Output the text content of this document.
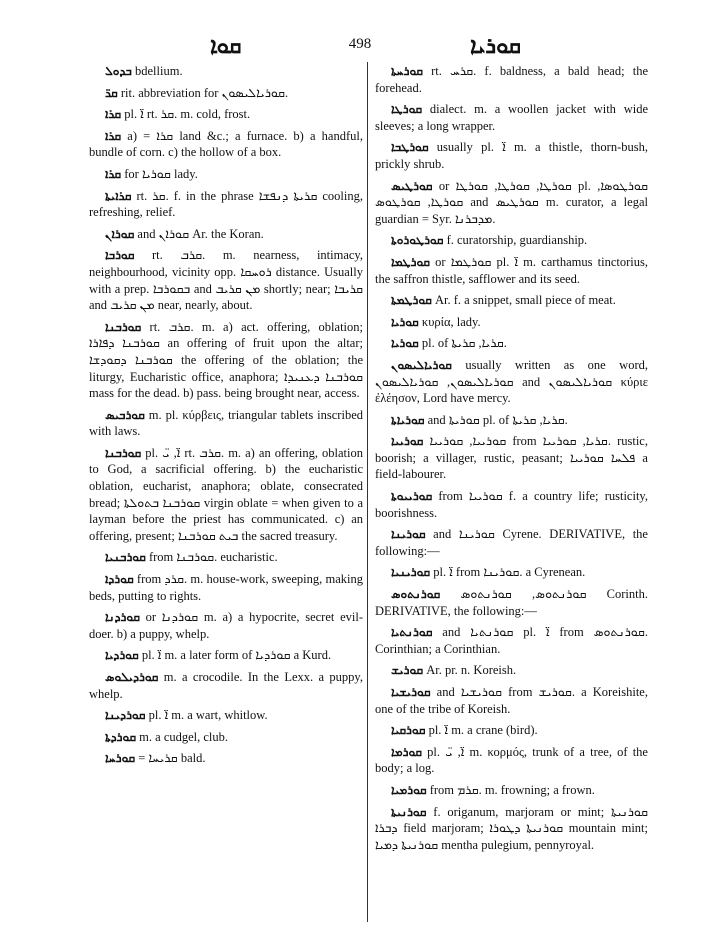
ܩܘܐ	498	ܩܘܪܝܐ

ܒܕܘܠ bdellium.

ܩܪ̈ rit. abbreviation for ܩܘܪܝܐܠܝܣܘܢ.

ܩܪܐ pl. ܐ̈ rt. ܩܪ. m. cold, frost.

ܩܪܐ a) = ܩܪܐ land &c.; a furnace. b) a handful, bundle of corn. c) the hollow of a box.

ܩܪܐ for ܩܘܪܝܐ lady.

ܩܪܐܝܬܐ rt. ܩܪ. f. in the phrase ܩܪܝܬܐ ܕܢܦܫܐ cooling, refreshing, relief.

ܩܘܪܐܢ and ܩܘܪܐܢ Ar. the Koran.

ܩܘܪܒܐ rt. ܩܪܒ. m. nearness, intimacy, neighbourhood, vicinity opp. ܪܘܚܩܐ distance. Usually with a prep. ܒܩܘܪܒܐ and ܡܢ ܩܪܝܒ shortly; near; ܩܪܝܒܐ and ܡܢ ܩܪܝܒ near, nearly, about.

ܩܘܪܒܢܐ rt. ܩܪܒ. m. a) act. offering, oblation; ܩܘܪܒܢܐ ܕܦܐܪܐ an offering of fruit upon the altar; ܩܘܪܒܢܐ ܕܩܘܕܫܐ the offering of the oblation; the liturgy, Eucharistic office, anaphora; ܩܘܪܒܢܐ ܕܥܢܝܕܐ mass for the dead. b) pass. being brought near, access.

ܩܘܪܒܝܣ m. pl. κύρβεις, triangular tablets inscribed with laws.

ܩܘܪܒܢܐ pl. ܐ̈, ܝ̈ rt. ܩܪܒ. m. a) an offering, oblation to God, a sacrificial offering. b) the eucharistic oblation, eucharist, anaphora; oblate, consecrated bread; ܩܘܪܒܢܐ ܒܬܘܠܬܐ virgin oblate = when given to a layman before the priest has communicated. c) an offering, present; ܒܝܬ ܩܘܪܒܢܐ the sacred treasury.

ܩܘܪܒܢܝܐ from ܩܘܪܒܢܐ. eucharistic.

ܩܘܪܕܐ from ܩܪܕ. m. house-work, sweeping, making beds, putting to rights.

ܩܘܪܕܢܐ or ܩܘܪܕܢܐ m. a) a hypocrite, secret evil-doer. b) a puppy, whelp.

ܩܘܪܕܝܐ pl. ܐ̈ m. a later form of ܩܘܪܕܝܐ a Kurd.

ܩܘܪܕܝܠܘܣ m. a crocodile. In the Lexx. a puppy, whelp.

ܩܘܪܕܝܢܐ pl. ܐ̈ m. a wart, whitlow.

ܩܘܪܕܬܐ m. a cudgel, club.

ܩܘܪܚܐ = ܩܪܝܚܐ bald.

ܩܘܪܚܬܐ rt. ܩܪܚ. f. baldness, a bald head; the forehead.

ܩܘܪܛܐ dialect. m. a woollen jacket with wide sleeves; a long wrapper.

ܩܘܪܛܒܐ usually pl. ܐ̈ m. a thistle, thorn-bush, prickly shrub.

ܩܘܪܛܝܣ or ܩܘܪܛܐ, ܩܘܪܛܐ, ܩܘܪܛܐ pl. ܩܘܪܛܘܣܐ, ܩܘܪܛܐ, ܩܘܪܛܘܣ and ܩܘܪܛܝܣ m. curator, a legal guardian = Syr. ܡܕܒܪܢܐ.

ܩܘܪܛܘܪܘܬܐ f. curatorship, guardianship.

ܩܘܪܛܡܐ or ܩܘܪܛܡܐ pl. ܐ̈ m. carthamus tinctorius, the saffron thistle, safflower and its seed.

ܩܘܪܛܡܬܐ Ar. f. a snippet, small piece of meat.

ܩܘܪܝܐ κυρία, lady.

ܩܘܪܝܐ pl. of ܩܪܝܐ, ܩܪܝܬܐ.

ܩܘܪܝܐܠܝܣܘܢ usually written as one word, ܩܘܪܝܐܠܝܣܘܢ, ܩܘܪܝܐܠܝܣܘܢ and ܩܘܪܝܐܠܝܣܘܢ κύριε ἐλέησον, Lord have mercy.

ܩܘܪܝܐܬܐ and ܩܘܪܝܬܐ pl. of ܩܪܝܐ, ܩܪܝܬܐ.

ܩܘܪܝܝܐ ܩܘܪܝܝܐ, ܩܘܪܝܝܐ from ܩܪܝܐ, ܩܘܪܝܝܐ. rustic, boorish; a villager, rustic, peasant; ܦܠܚܐ ܩܘܪܝܝܐ a field-labourer.

ܩܘܪܝܝܘܬܐ from ܩܘܪܝܝܐ f. a country life; rusticity, boorishness.

ܩܘܪܝܢܐ and ܩܘܪܝܢܐ Cyrene. DERIVATIVE, the following:—

ܩܘܪܝܢܝܐ pl. ܐ̈ from ܩܘܪܝܢܐ. a Cyrenean.

ܩܘܪܢܬܘܣ ܩܘܪܢܬܘܣ, ܩܘܪܢܬܘܣ Corinth. DERIVATIVE, the following:—

ܩܘܪܢܬܝܐ and ܩܘܪܢܬܝܐ pl. ܐ̈ from ܩܘܪܢܬܘܣ. Corinthian; a Corinthian.

ܩܘܪܝܫ Ar. pr. n. Koreish.

ܩܘܪܝܫܝܐ and ܩܘܪܝܫܝܐ from ܩܘܪܝܫ. a Koreishite, one of the tribe of Koreish.

ܩܘܪܩܝܐ pl. ܐ̈ m. a crane (bird).

ܩܘܪܡܐ pl. ܐ̈, ܝ̈ m. κορμός, trunk of a tree, of the body; a log.

ܩܘܪܡܝܐ from ܩܪܡ. m. frowning; a frown.

ܩܘܪܢܝܬܐ f. origanum, marjoram or mint; ܩܘܪܢܝܬܐ ܕܒܪܐ field marjoram; ܩܘܪܢܝܬܐ ܕܛܘܪܐ mountain mint; ܩܘܪܢܝܬܐ ܕܡܝܐ mentha pulegium, pennyroyal.
